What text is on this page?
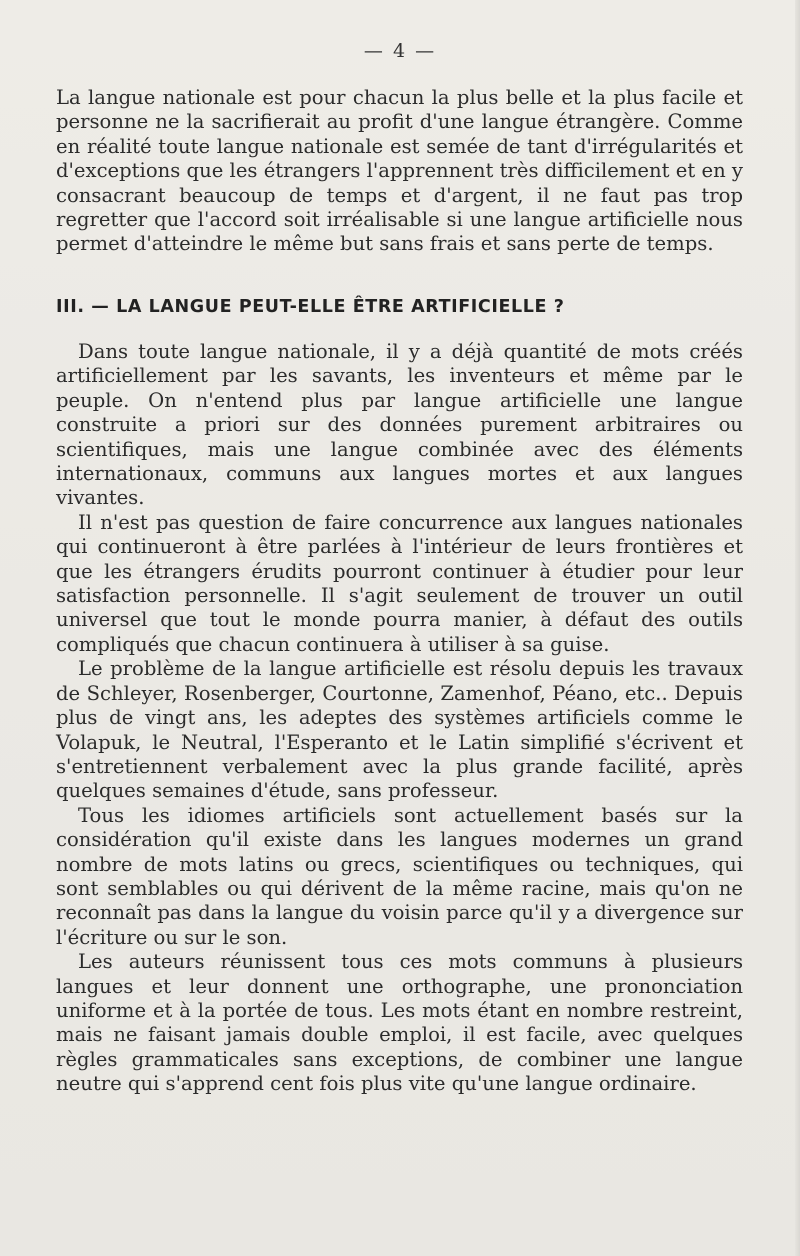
— 4 —

La langue nationale est pour chacun la plus belle et la plus facile et personne ne la sacrifierait au profit d'une langue étrangère. Comme en réalité toute langue nationale est semée de tant d'irrégularités et d'exceptions que les étrangers l'apprennent très difficilement et en y consacrant beaucoup de temps et d'argent, il ne faut pas trop regretter que l'accord soit irréalisable si une langue artificielle nous permet d'atteindre le même but sans frais et sans perte de temps.

III. — LA LANGUE PEUT-ELLE ÊTRE ARTIFICIELLE ?

Dans toute langue nationale, il y a déjà quantité de mots créés artificiellement par les savants, les inventeurs et même par le peuple. On n'entend plus par langue artificielle une langue construite a priori sur des données purement arbitraires ou scientifiques, mais une langue combinée avec des éléments internationaux, communs aux langues mortes et aux langues vivantes.

Il n'est pas question de faire concurrence aux langues nationales qui continueront à être parlées à l'intérieur de leurs frontières et que les étrangers érudits pourront continuer à étudier pour leur satisfaction personnelle. Il s'agit seulement de trouver un outil universel que tout le monde pourra manier, à défaut des outils compliqués que chacun continuera à utiliser à sa guise.

Le problème de la langue artificielle est résolu depuis les travaux de Schleyer, Rosenberger, Courtonne, Zamenhof, Péano, etc.. Depuis plus de vingt ans, les adeptes des systèmes artificiels comme le Volapuk, le Neutral, l'Esperanto et le Latin simplifié s'écrivent et s'entretiennent verbalement avec la plus grande facilité, après quelques semaines d'étude, sans professeur.

Tous les idiomes artificiels sont actuellement basés sur la considération qu'il existe dans les langues modernes un grand nombre de mots latins ou grecs, scientifiques ou techniques, qui sont semblables ou qui dérivent de la même racine, mais qu'on ne reconnaît pas dans la langue du voisin parce qu'il y a divergence sur l'écriture ou sur le son.

Les auteurs réunissent tous ces mots communs à plusieurs langues et leur donnent une orthographe, une prononciation uniforme et à la portée de tous. Les mots étant en nombre restreint, mais ne faisant jamais double emploi, il est facile, avec quelques règles grammaticales sans exceptions, de combiner une langue neutre qui s'apprend cent fois plus vite qu'une langue ordinaire.
